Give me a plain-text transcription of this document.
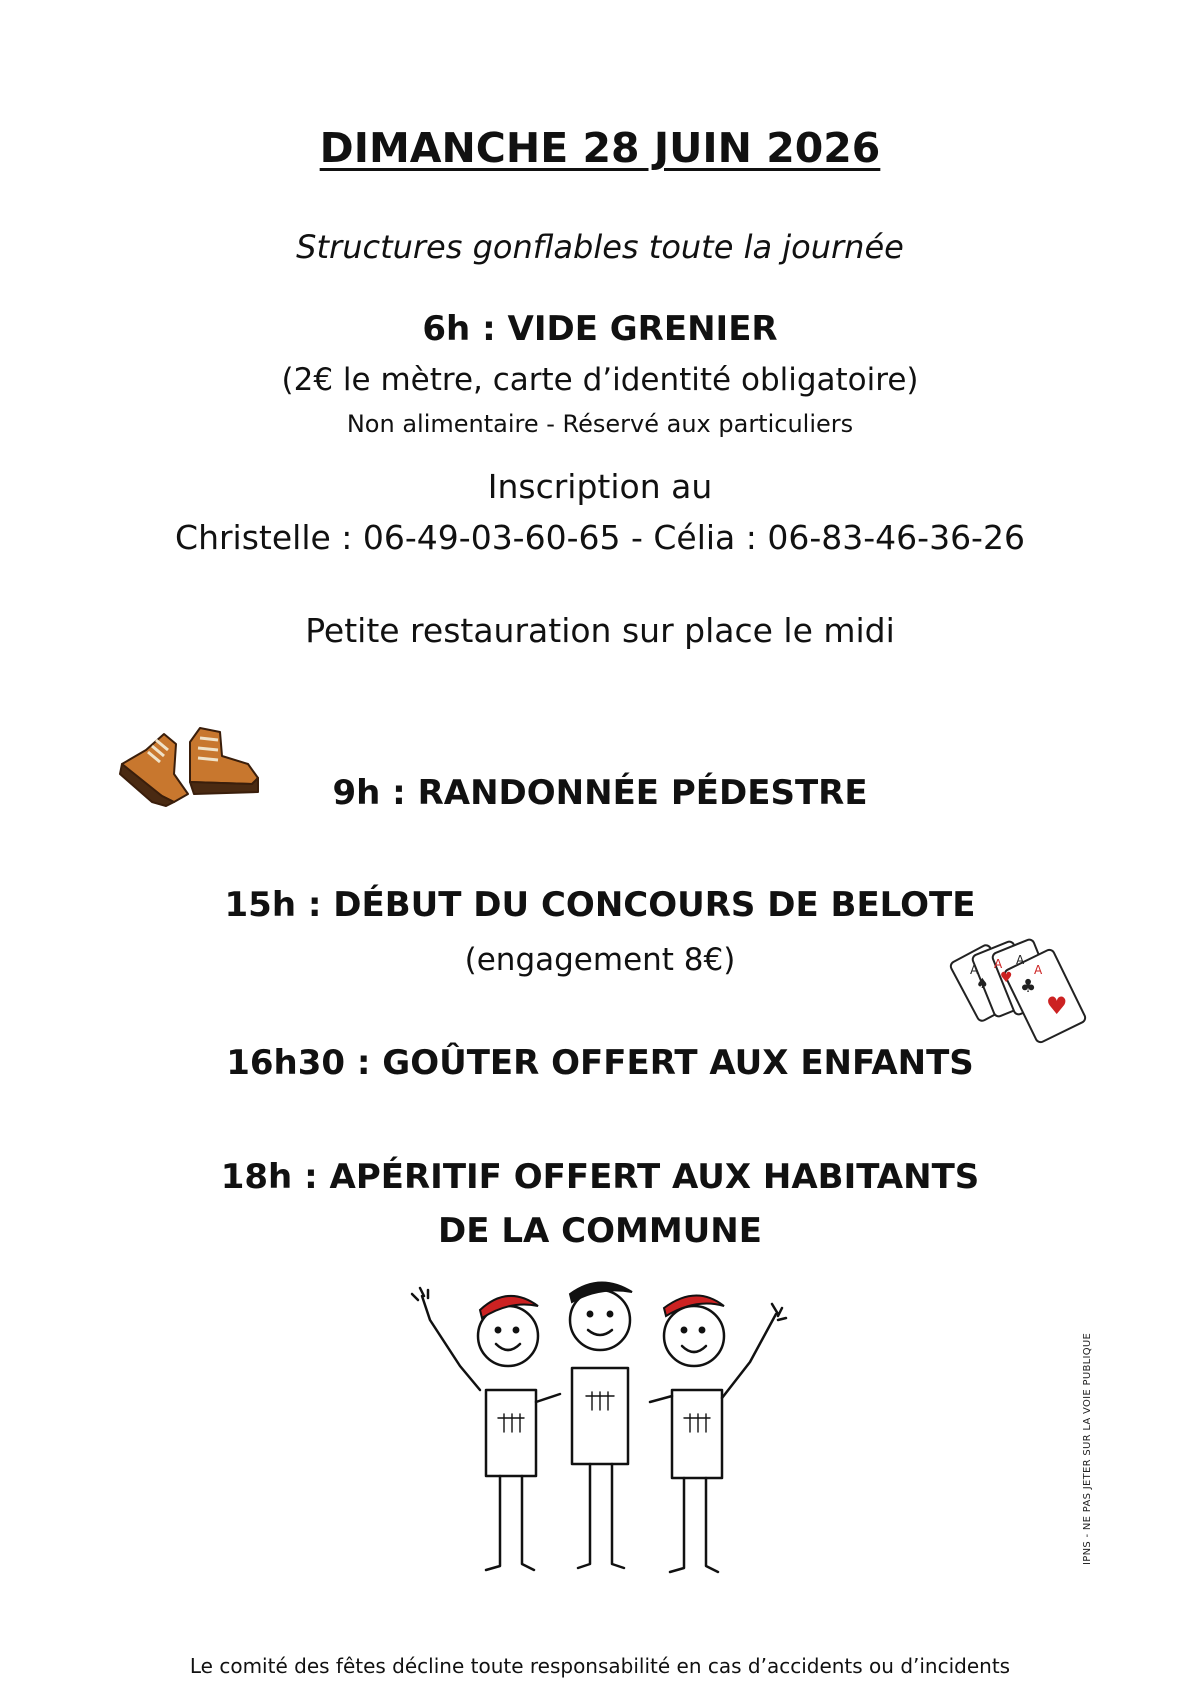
DIMANCHE 28 JUIN 2026
Structures gonflables toute la journée
6h : VIDE GRENIER
(2€ le mètre, carte d’identité obligatoire)
Non alimentaire - Réservé aux particuliers
Inscription au
Christelle : 06-49-03-60-65 - Célia : 06-83-46-36-26
Petite restauration sur place le midi
9h : RANDONNÉE PÉDESTRE
15h : DÉBUT DU CONCOURS DE BELOTE
(engagement 8€)	A
♠
A
♥
A
♣
A
♥
16h30 : GOÛTER OFFERT AUX ENFANTS
18h : APÉRITIF OFFERT AUX HABITANTS
DE LA COMMUNE
IPNS - NE PAS JETER SUR LA VOIE PUBLIQUE
Le comité des fêtes décline toute responsabilité en cas d’accidents ou d’incidents
